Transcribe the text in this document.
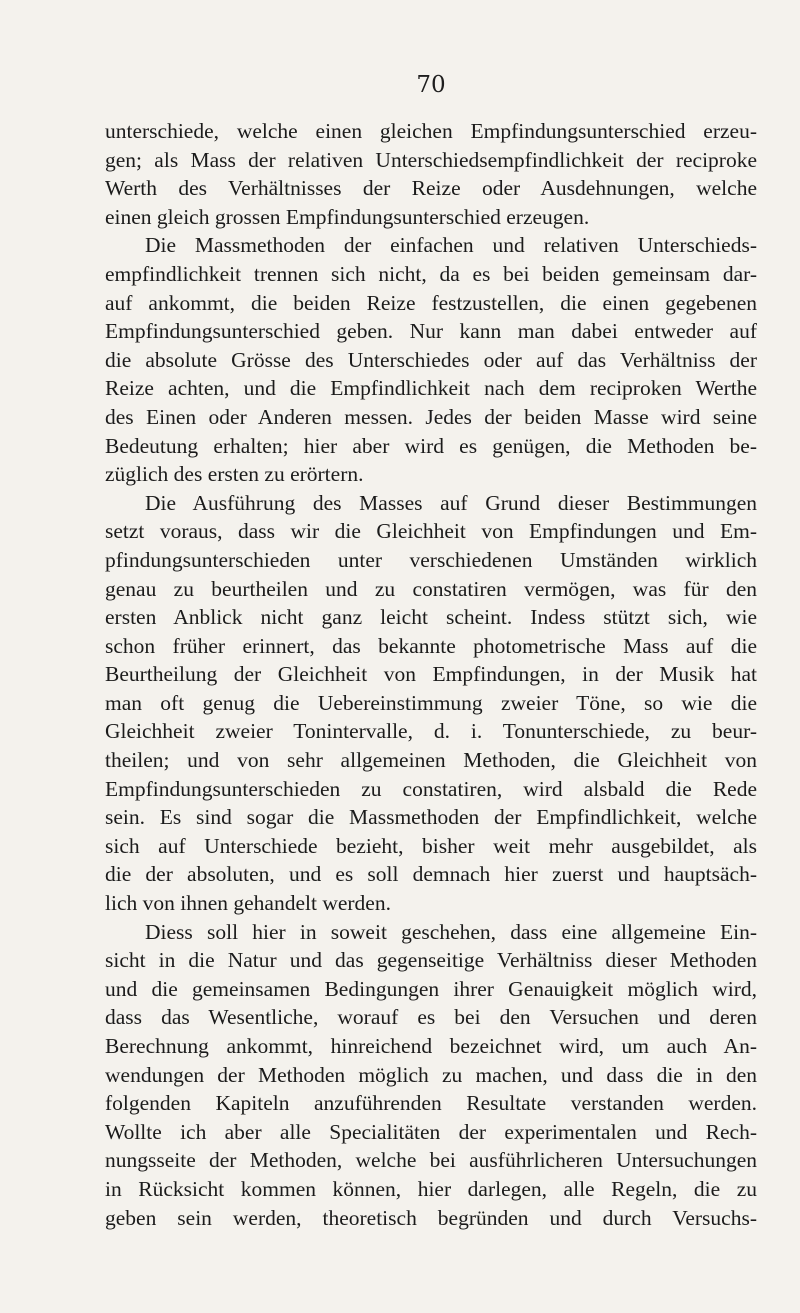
70
unterschiede, welche einen gleichen Empfindungsunterschied erzeu-
gen; als Mass der relativen Unterschiedsempfindlichkeit der reciproke
Werth des Verhältnisses der Reize oder Ausdehnungen, welche
einen gleich grossen Empfindungsunterschied erzeugen.
Die Massmethoden der einfachen und relativen Unterschieds-
empfindlichkeit trennen sich nicht, da es bei beiden gemeinsam dar-
auf ankommt, die beiden Reize festzustellen, die einen gegebenen
Empfindungsunterschied geben. Nur kann man dabei entweder auf
die absolute Grösse des Unterschiedes oder auf das Verhältniss der
Reize achten, und die Empfindlichkeit nach dem reciproken Werthe
des Einen oder Anderen messen. Jedes der beiden Masse wird seine
Bedeutung erhalten; hier aber wird es genügen, die Methoden be-
züglich des ersten zu erörtern.
Die Ausführung des Masses auf Grund dieser Bestimmungen
setzt voraus, dass wir die Gleichheit von Empfindungen und Em-
pfindungsunterschieden unter verschiedenen Umständen wirklich
genau zu beurtheilen und zu constatiren vermögen, was für den
ersten Anblick nicht ganz leicht scheint. Indess stützt sich, wie
schon früher erinnert, das bekannte photometrische Mass auf die
Beurtheilung der Gleichheit von Empfindungen, in der Musik hat
man oft genug die Uebereinstimmung zweier Töne, so wie die
Gleichheit zweier Tonintervalle, d. i. Tonunterschiede, zu beur-
theilen; und von sehr allgemeinen Methoden, die Gleichheit von
Empfindungsunterschieden zu constatiren, wird alsbald die Rede
sein. Es sind sogar die Massmethoden der Empfindlichkeit, welche
sich auf Unterschiede bezieht, bisher weit mehr ausgebildet, als
die der absoluten, und es soll demnach hier zuerst und hauptsäch-
lich von ihnen gehandelt werden.
Diess soll hier in soweit geschehen, dass eine allgemeine Ein-
sicht in die Natur und das gegenseitige Verhältniss dieser Methoden
und die gemeinsamen Bedingungen ihrer Genauigkeit möglich wird,
dass das Wesentliche, worauf es bei den Versuchen und deren
Berechnung ankommt, hinreichend bezeichnet wird, um auch An-
wendungen der Methoden möglich zu machen, und dass die in den
folgenden Kapiteln anzuführenden Resultate verstanden werden.
Wollte ich aber alle Specialitäten der experimentalen und Rech-
nungsseite der Methoden, welche bei ausführlicheren Untersuchungen
in Rücksicht kommen können, hier darlegen, alle Regeln, die zu
geben sein werden, theoretisch begründen und durch Versuchs-
